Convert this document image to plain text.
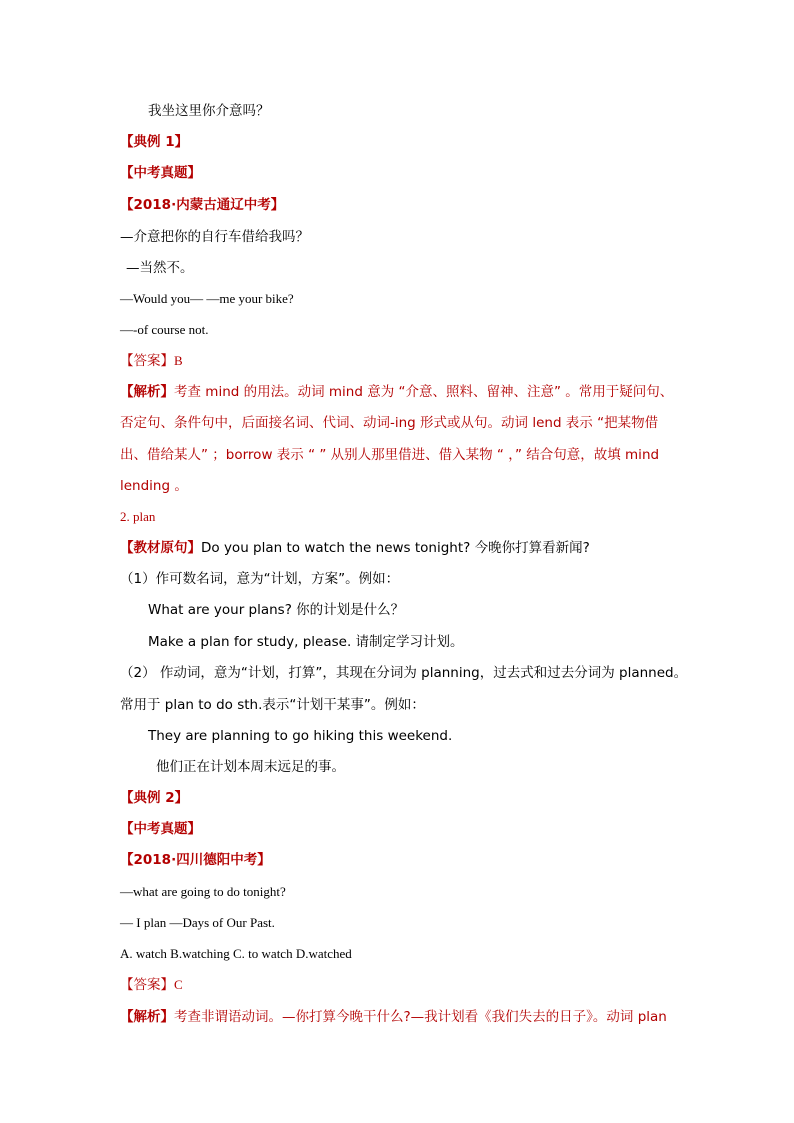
我坐这里你介意吗？
【典例 1】
【中考真题】
【2018·内蒙古通辽中考】
—介意把你的自行车借给我吗？
—当然不。
—Would you— —me your bike?
—-of course not.
【答案】B
【解析】考查 mind 的用法。动词 mind 意为 “介意、照料、留神、注意” 。常用于疑问句、
否定句、条件句中，后面接名词、代词、动词-ing 形式或从句。动词 lend 表示 “把某物借
出、借给某人” ；borrow 表示 “ ” 从别人那里借进、借入某物 “ ，” 结合句意，故填 mind
lending 。
2. plan
【教材原句】Do you plan to watch the news tonight? 今晚你打算看新闻?
（1）作可数名词，意为“计划，方案”。例如：
What are your plans? 你的计划是什么？
Make a plan for study, please. 请制定学习计划。
（2） 作动词，意为“计划，打算”，其现在分词为 planning，过去式和过去分词为 planned。
常用于 plan to do sth.表示“计划干某事”。例如：
They are planning to go hiking this weekend.
他们正在计划本周末远足的事。
【典例 2】
【中考真题】
【2018·四川德阳中考】
—what are going to do tonight?
— I plan —Days of Our Past.
A. watch B.watching C. to watch D.watched
【答案】C
【解析】考查非谓语动词。—你打算今晚干什么?—我计划看《我们失去的日子》。动词 plan
